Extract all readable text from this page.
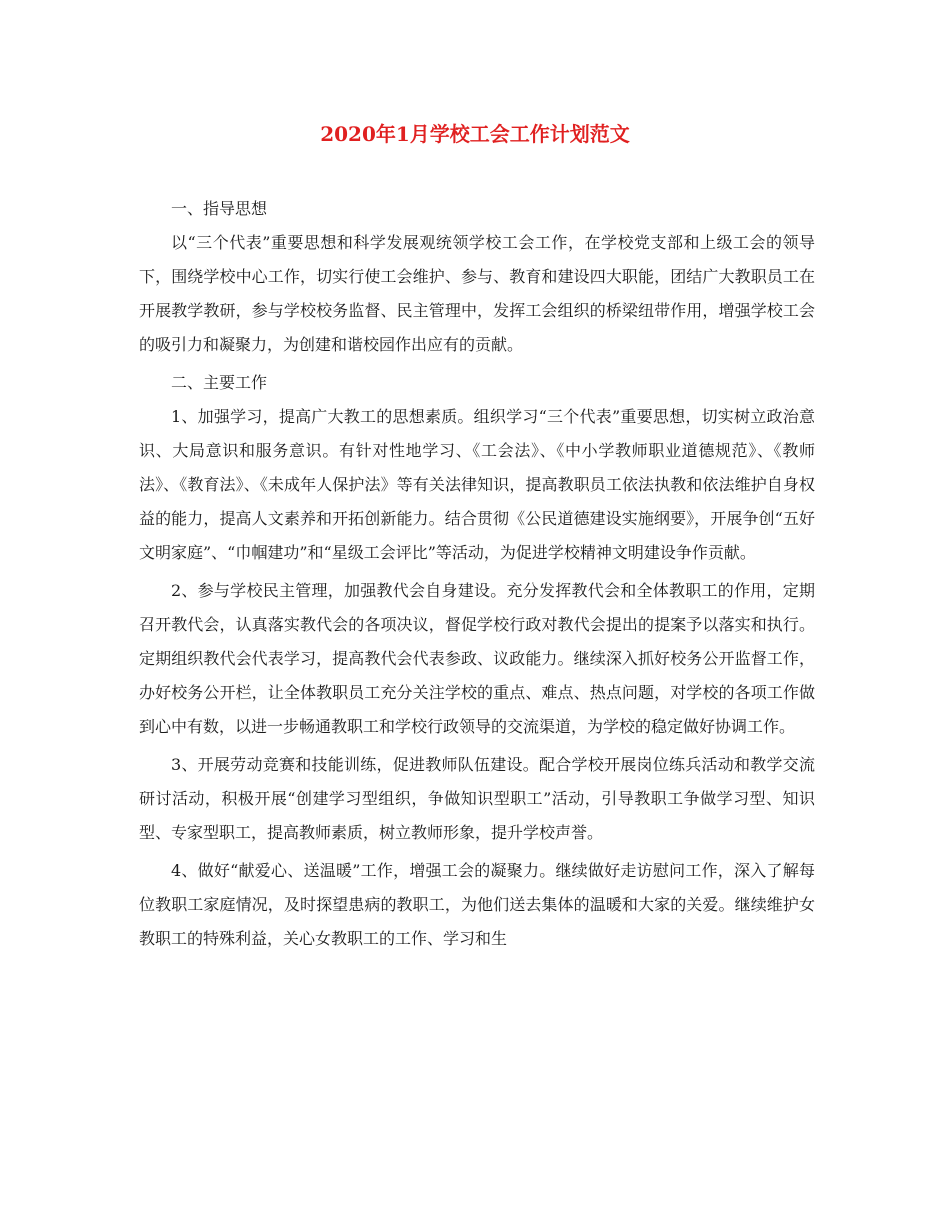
2020年1月学校工会工作计划范文

一、指导思想

以“三个代表”重要思想和科学发展观统领学校工会工作，在学校党支部和上级工会的领导下，围绕学校中心工作，切实行使工会维护、参与、教育和建设四大职能，团结广大教职员工在开展教学教研，参与学校校务监督、民主管理中，发挥工会组织的桥梁纽带作用，增强学校工会的吸引力和凝聚力，为创建和谐校园作出应有的贡献。

二、主要工作

1、加强学习，提高广大教工的思想素质。组织学习“三个代表”重要思想，切实树立政治意识、大局意识和服务意识。有针对性地学习、《工会法》、《中小学教师职业道德规范》、《教师法》、《教育法》、《未成年人保护法》等有关法律知识，提高教职员工依法执教和依法维护自身权益的能力，提高人文素养和开拓创新能力。结合贯彻《公民道德建设实施纲要》，开展争创“五好文明家庭”、“巾帼建功”和“星级工会评比”等活动，为促进学校精神文明建设争作贡献。

2、参与学校民主管理，加强教代会自身建设。充分发挥教代会和全体教职工的作用，定期召开教代会，认真落实教代会的各项决议，督促学校行政对教代会提出的提案予以落实和执行。定期组织教代会代表学习，提高教代会代表参政、议政能力。继续深入抓好校务公开监督工作，办好校务公开栏，让全体教职员工充分关注学校的重点、难点、热点问题，对学校的各项工作做到心中有数，以进一步畅通教职工和学校行政领导的交流渠道，为学校的稳定做好协调工作。

3、开展劳动竞赛和技能训练，促进教师队伍建设。配合学校开展岗位练兵活动和教学交流研讨活动，积极开展“创建学习型组织，争做知识型职工”活动，引导教职工争做学习型、知识型、专家型职工，提高教师素质，树立教师形象，提升学校声誉。

4、做好“献爱心、送温暖”工作，增强工会的凝聚力。继续做好走访慰问工作，深入了解每位教职工家庭情况，及时探望患病的教职工，为他们送去集体的温暖和大家的关爱。继续维护女教职工的特殊利益，关心女教职工的工作、学习和生
